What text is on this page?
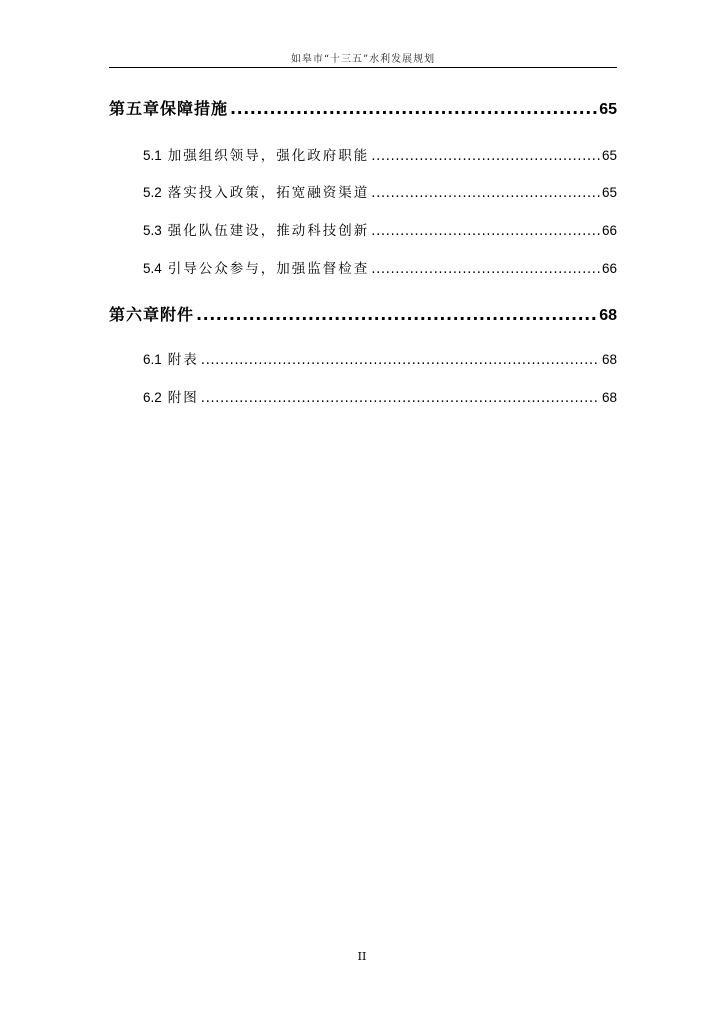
如皋市“十三五”水利发展规划
第五章 保障措施 .....	65
5.1 加强组织领导，强化政府职能 .....	65
5.2 落实投入政策，拓宽融资渠道 .....	65
5.3 强化队伍建设，推动科技创新 .....	66
5.4 引导公众参与，加强监督检查 .....	66
第六章 附件 .....	68
6.1 附表 .....	68
6.2 附图 .....	68
II
